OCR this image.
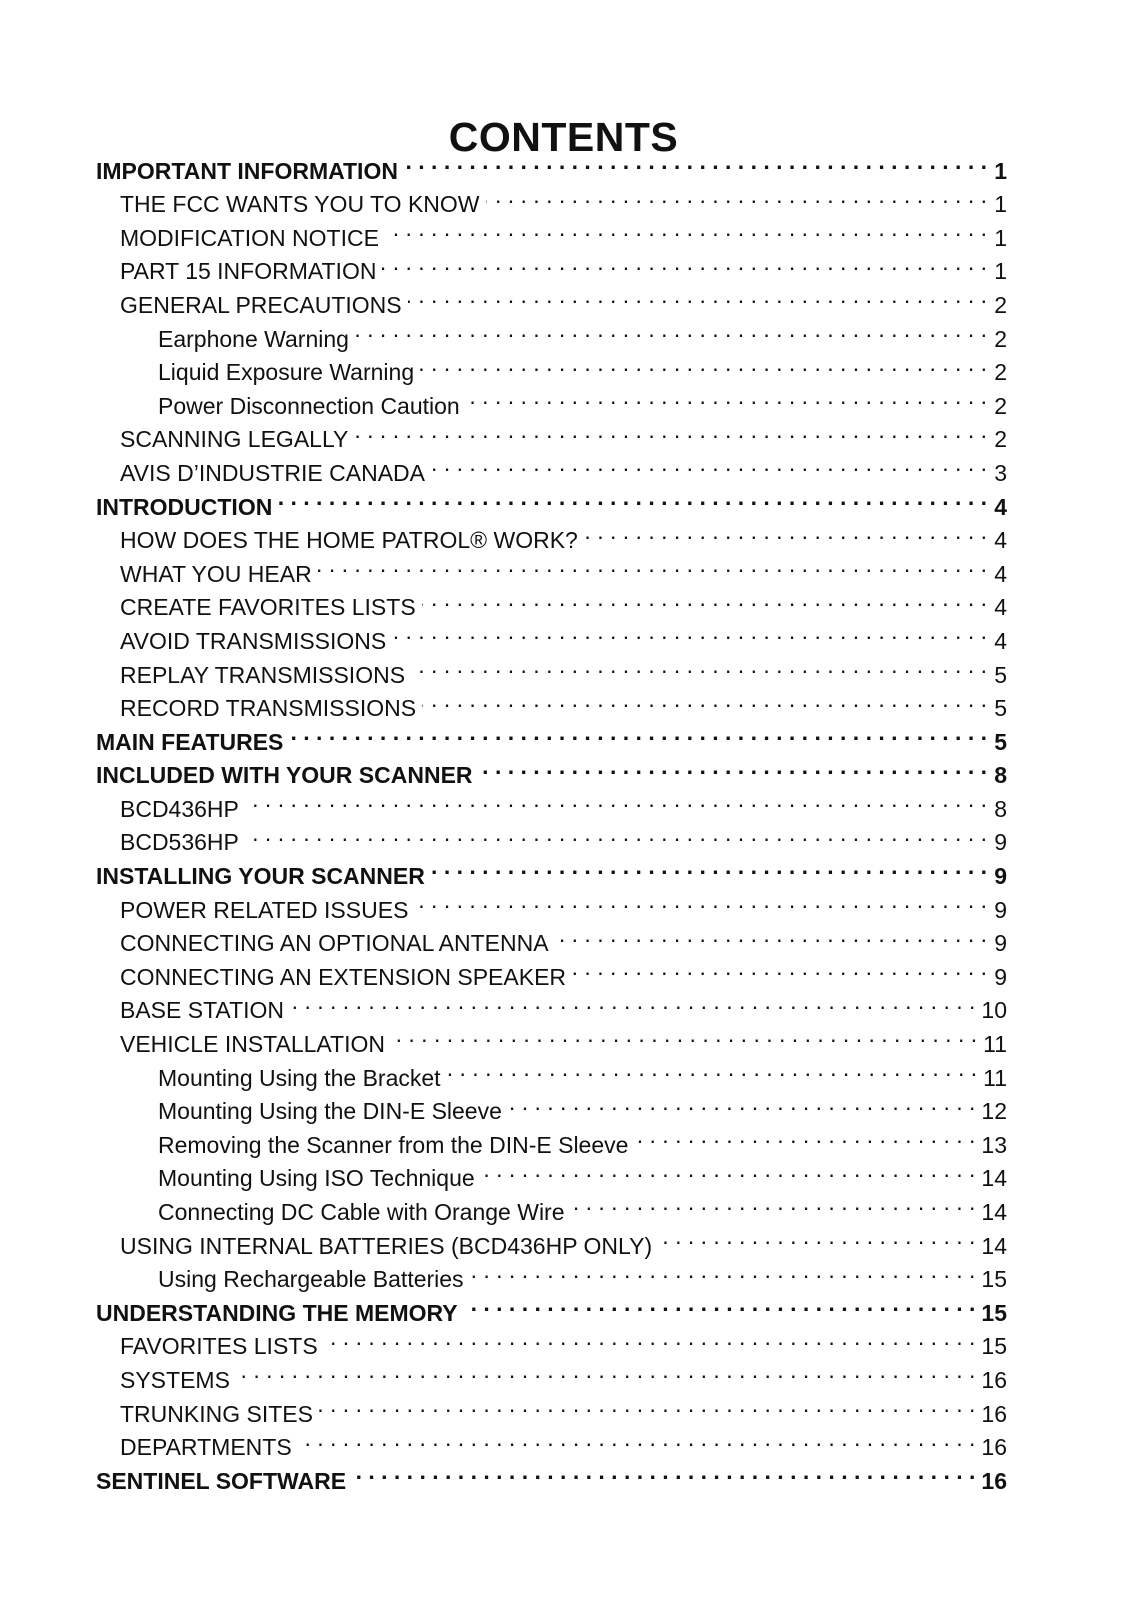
CONTENTS
IMPORTANT INFORMATION . . .	1
THE FCC WANTS YOU TO KNOW . . .	1
MODIFICATION NOTICE . . .	1
PART 15 INFORMATION . . .	1
GENERAL PRECAUTIONS . . .	2
Earphone Warning . . .	2
Liquid Exposure Warning . . .	2
Power Disconnection Caution . . .	2
SCANNING LEGALLY . . .	2
AVIS D’INDUSTRIE CANADA . . .	3
INTRODUCTION . . .	4
HOW DOES THE HOME PATROL® WORK? . . .	4
WHAT YOU HEAR . . .	4
CREATE FAVORITES LISTS . . .	4
AVOID TRANSMISSIONS . . .	4
REPLAY TRANSMISSIONS . . .	5
RECORD TRANSMISSIONS . . .	5
MAIN FEATURES . . .	5
INCLUDED WITH YOUR SCANNER . . .	8
BCD436HP . . .	8
BCD536HP . . .	9
INSTALLING YOUR SCANNER . . .	9
POWER RELATED ISSUES . . .	9
CONNECTING AN OPTIONAL ANTENNA . . .	9
CONNECTING AN EXTENSION SPEAKER . . .	9
BASE STATION . . .	10
VEHICLE INSTALLATION . . .	11
Mounting Using the Bracket . . .	11
Mounting Using the DIN-E Sleeve . . .	12
Removing the Scanner from the DIN-E Sleeve . . .	13
Mounting Using ISO Technique . . .	14
Connecting DC Cable with Orange Wire . . .	14
USING INTERNAL BATTERIES (BCD436HP ONLY) . . .	14
Using Rechargeable Batteries . . .	15
UNDERSTANDING THE MEMORY . . .	15
FAVORITES LISTS . . .	15
SYSTEMS . . .	16
TRUNKING SITES . . .	16
DEPARTMENTS . . .	16
SENTINEL SOFTWARE . . .	16
